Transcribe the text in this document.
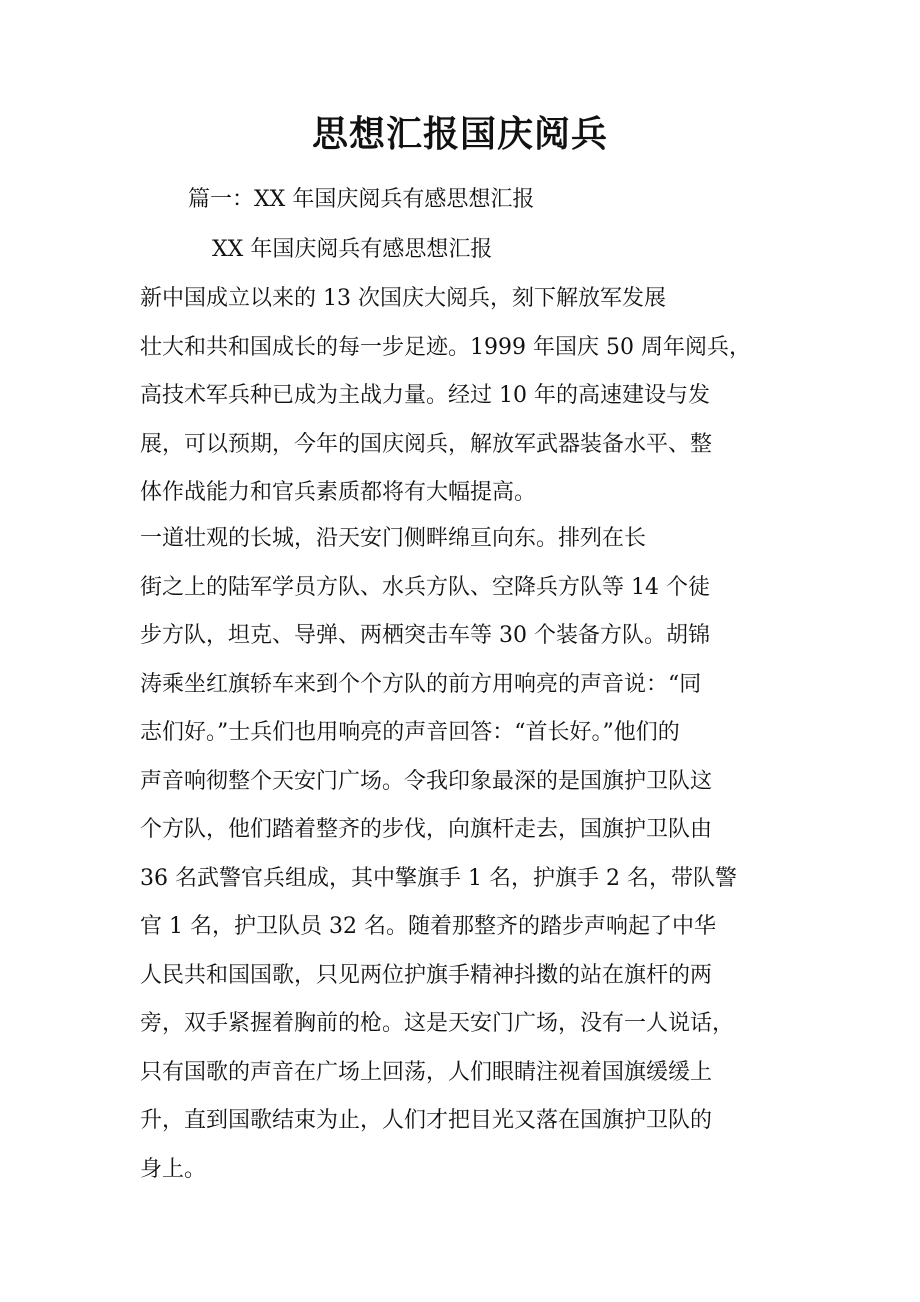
思想汇报国庆阅兵

篇一：XX 年国庆阅兵有感思想汇报

XX 年国庆阅兵有感思想汇报

新中国成立以来的 13 次国庆大阅兵，刻下解放军发展
壮大和共和国成长的每一步足迹。1999 年国庆 50 周年阅兵，
高技术军兵种已成为主战力量。经过 10 年的高速建设与发
展，可以预期，今年的国庆阅兵，解放军武器装备水平、整
体作战能力和官兵素质都将有大幅提高。
一道壮观的长城，沿天安门侧畔绵亘向东。排列在长
街之上的陆军学员方队、水兵方队、空降兵方队等 14 个徒
步方队，坦克、导弹、两栖突击车等 30 个装备方队。胡锦
涛乘坐红旗轿车来到个个方队的前方用响亮的声音说：“同
志们好。”士兵们也用响亮的声音回答：“首长好。”他们的
声音响彻整个天安门广场。令我印象最深的是国旗护卫队这
个方队，他们踏着整齐的步伐，向旗杆走去，国旗护卫队由
36 名武警官兵组成，其中擎旗手 1 名，护旗手 2 名，带队警
官 1 名，护卫队员 32 名。随着那整齐的踏步声响起了中华
人民共和国国歌，只见两位护旗手精神抖擞的站在旗杆的两
旁，双手紧握着胸前的枪。这是天安门广场，没有一人说话，
只有国歌的声音在广场上回荡，人们眼睛注视着国旗缓缓上
升，直到国歌结束为止，人们才把目光又落在国旗护卫队的
身上。
